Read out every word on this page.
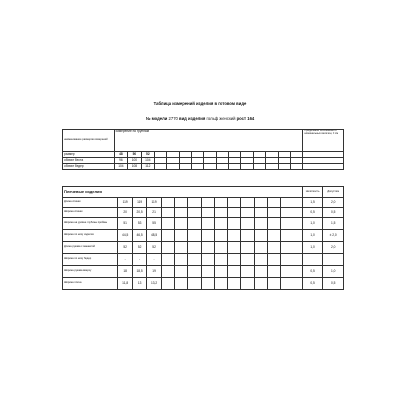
Таблица измерений изделия в готовом виде
№ модели 2770 вид изделия гольф женский рост 164
наименование размеров измерений	измерение по группам															Предельное отклонение от номинальных величин, ± см
размер	48	50	52													
обхват беста	96	100	104													
обхват бедер	104	108	112													
Плечевые изделия														Нечёткость	Допустим
Длина спинки	119	119	119											1,5	2,0
Ширина спинки	20	20,5	21											0,5	0,5
Ширина на уровне глубины проймы	51	53	55											1,0	1,5
Ширина по низу изделия	44,5	46,5	48,5											1,0	± 2,0
Длина рукава с манжетой	52	52	52											1,0	2,0
Ширина по низу бедер	-	-	-												
Ширина рукава вверху	18	18,5	19											0,5	1,0
Ширина плеча	11,8	13	13,2											0,5	0,5
